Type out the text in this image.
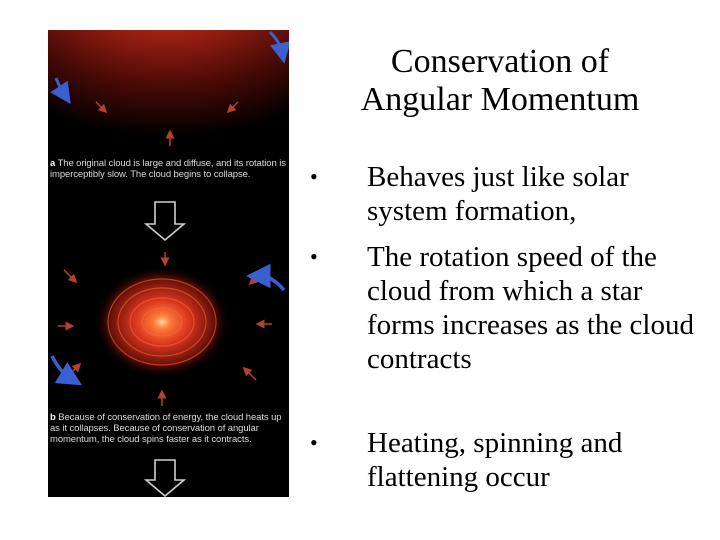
a The original cloud is large and diffuse, and its rotation is imperceptibly slow. The cloud begins to collapse.
b Because of conservation of energy, the cloud heats up as it collapses. Because of conservation of angular momentum, the cloud spins faster as it contracts.
Conservation of
Angular Momentum
• Behaves just like solar system formation,
• The rotation speed of the cloud from which a star forms increases as the cloud contracts
• Heating, spinning and flattening occur
